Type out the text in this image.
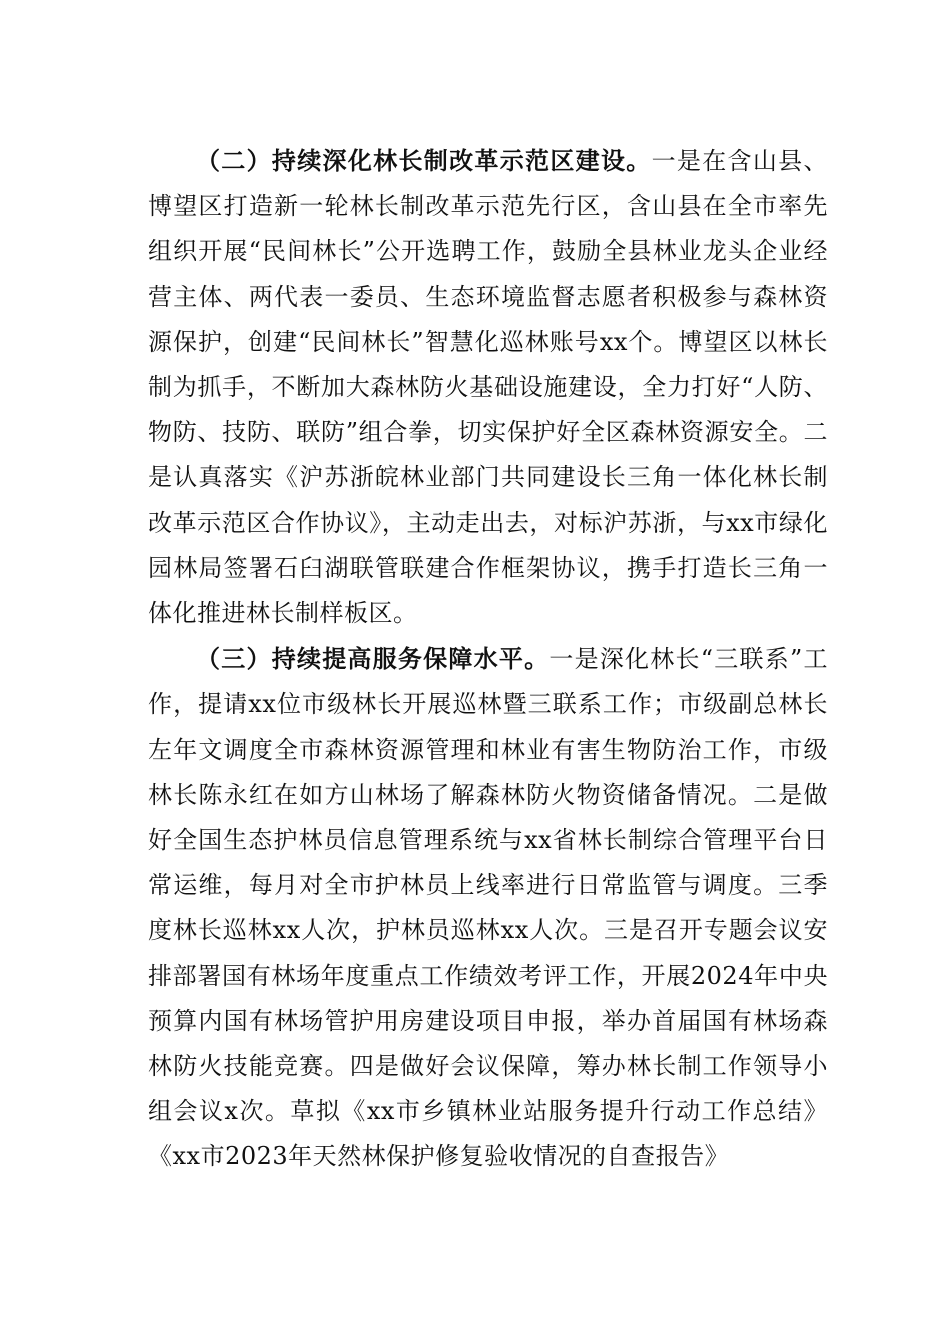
（二）持续深化林长制改革示范区建设。一是在含山县、博望区打造新一轮林长制改革示范先行区，含山县在全市率先组织开展“民间林长”公开选聘工作，鼓励全县林业龙头企业经营主体、两代表一委员、生态环境监督志愿者积极参与森林资源保护，创建“民间林长”智慧化巡林账号xx个。博望区以林长制为抓手，不断加大森林防火基础设施建设，全力打好“人防、物防、技防、联防”组合拳，切实保护好全区森林资源安全。二是认真落实《沪苏浙皖林业部门共同建设长三角一体化林长制改革示范区合作协议》，主动走出去，对标沪苏浙，与xx市绿化园林局签署石臼湖联管联建合作框架协议，携手打造长三角一体化推进林长制样板区。

（三）持续提高服务保障水平。一是深化林长“三联系”工作，提请xx位市级林长开展巡林暨三联系工作；市级副总林长左年文调度全市森林资源管理和林业有害生物防治工作，市级林长陈永红在如方山林场了解森林防火物资储备情况。二是做好全国生态护林员信息管理系统与xx省林长制综合管理平台日常运维，每月对全市护林员上线率进行日常监管与调度。三季度林长巡林xx人次，护林员巡林xx人次。三是召开专题会议安排部署国有林场年度重点工作绩效考评工作，开展2024年中央预算内国有林场管护用房建设项目申报，举办首届国有林场森林防火技能竞赛。四是做好会议保障，筹办林长制工作领导小组会议x次。草拟《xx市乡镇林业站服务提升行动工作总结》《xx市2023年天然林保护修复验收情况的自查报告》
